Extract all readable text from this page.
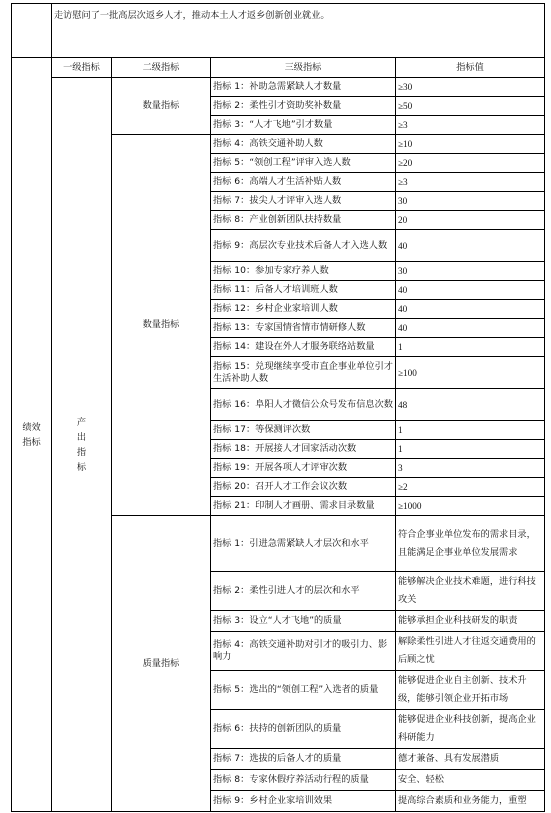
	走访慰问了一批高层次返乡人才，推动本土人才返乡创新创业就业。			
绩效指标	一级指标	二级指标	三级指标	指标值
	产出指标	数量指标	指标 1：补助急需紧缺人才数量	≥30
			指标 2：柔性引才资助奖补数量	≥50
			指标 3：“人才飞地”引才数量	≥3
		数量指标	指标 4：高铁交通补助人数	≥10
			指标 5：“领创工程”评审入选人数	≥20
			指标 6：高端人才生活补贴人数	≥3
			指标 7：拔尖人才评审入选人数	30
			指标 8：产业创新团队扶持数量	20
			指标 9：高层次专业技术后备人才入选人数	40
			指标 10：参加专家疗养人数	30
			指标 11：后备人才培训班人数	40
			指标 12：乡村企业家培训人数	40
			指标 13：专家国情省情市情研修人数	40
			指标 14：建设在外人才服务联络站数量	1
			指标 15：兑现继续享受市直企事业单位引才生活补助人数	≥100
			指标 16：阜阳人才微信公众号发布信息次数	48
			指标 17：等保测评次数	1
			指标 18：开展接人才回家活动次数	1
			指标 19：开展各项人才评审次数	3
			指标 20：召开人才工作会议次数	≥2
			指标 21：印制人才画册、需求目录数量	≥1000
		质量指标	指标 1：引进急需紧缺人才层次和水平	符合企事业单位发布的需求目录，且能满足企事业单位发展需求
			指标 2：柔性引进人才的层次和水平	能够解决企业技术难题，进行科技攻关
			指标 3：设立“人才飞地”的质量	能够承担企业科技研发的职责
			指标 4：高铁交通补助对引才的吸引力、影响力	解除柔性引进人才往返交通费用的后顾之忧
			指标 5：选出的“领创工程”入选者的质量	能够促进企业自主创新、技术升级，能够引领企业开拓市场
			指标 6：扶持的创新团队的质量	能够促进企业科技创新，提高企业科研能力
			指标 7：选拔的后备人才的质量	德才兼备、具有发展潜质
			指标 8：专家休假疗养活动行程的质量	安全、轻松
			指标 9：乡村企业家培训效果	提高综合素质和业务能力，重塑
